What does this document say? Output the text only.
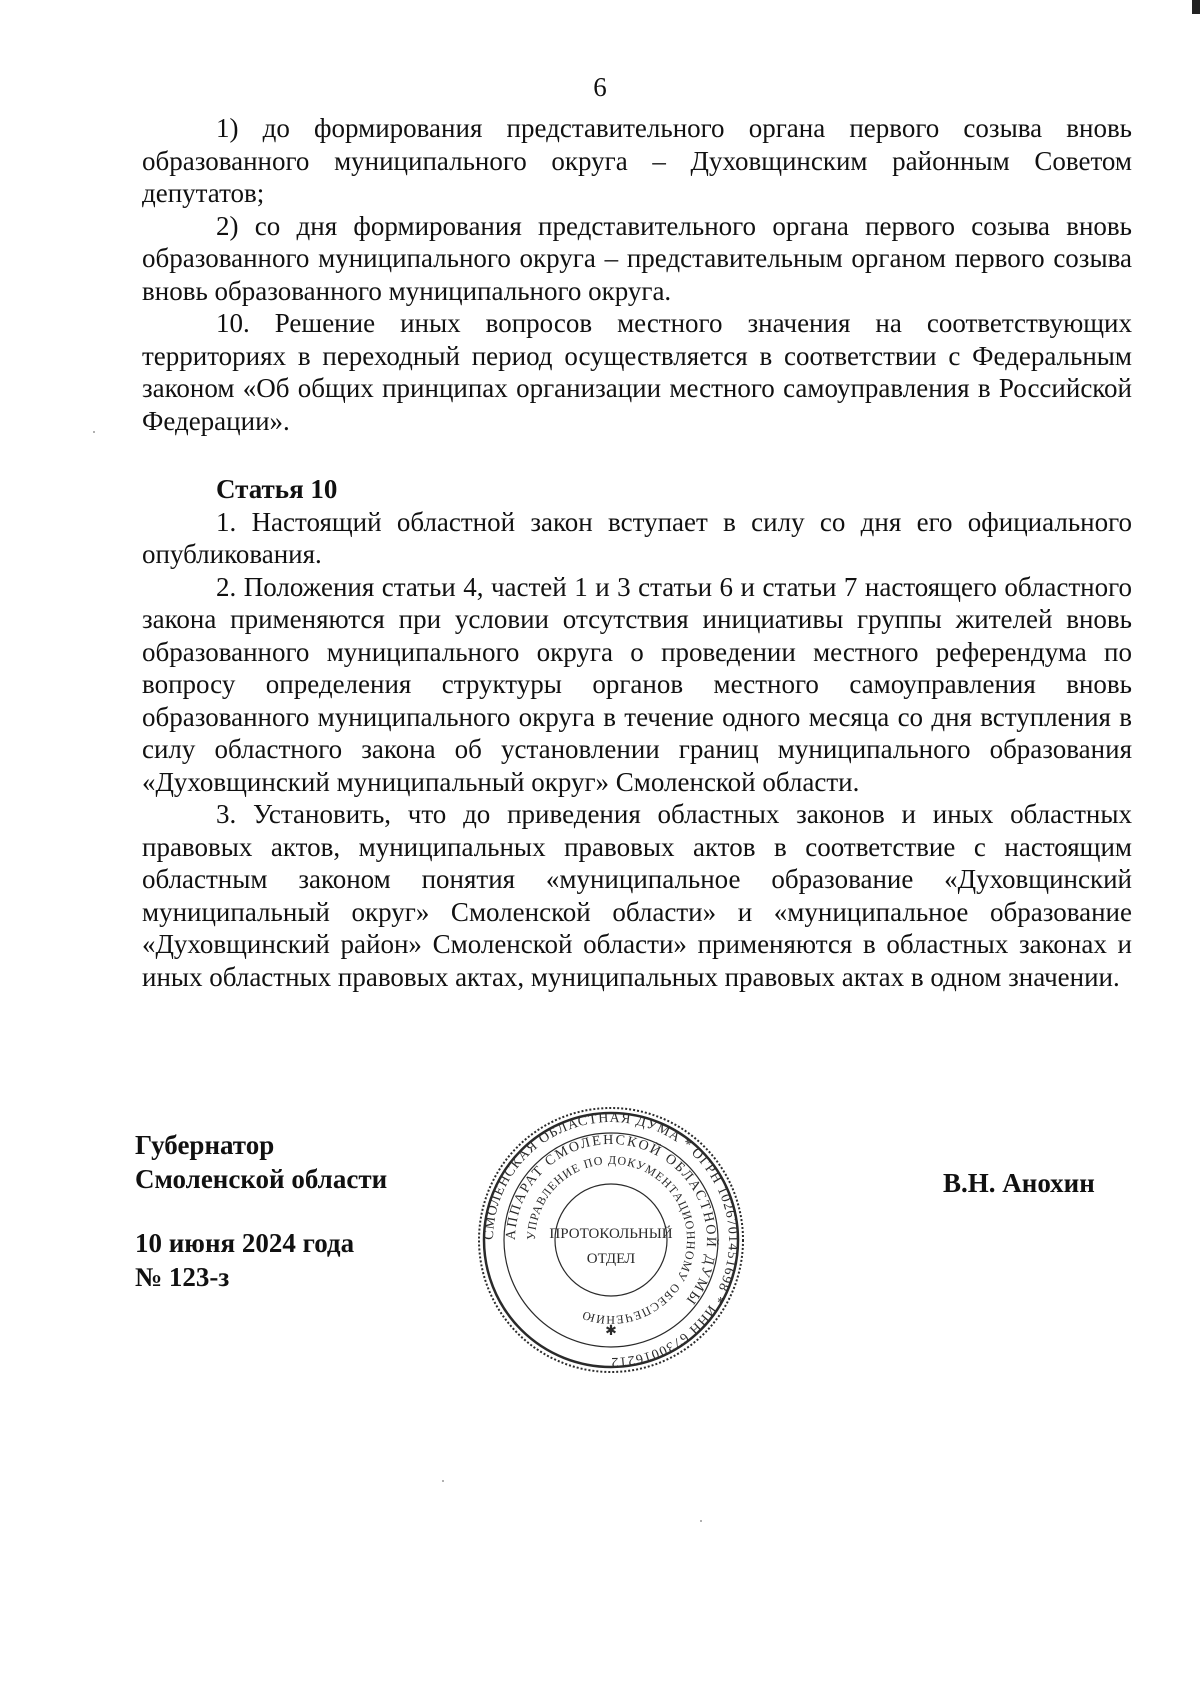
6

1) до формирования представительного органа первого созыва вновь образованного муниципального округа – Духовщинским районным Советом депутатов;

2) со дня формирования представительного органа первого созыва вновь образованного муниципального округа – представительным органом первого созыва вновь образованного муниципального округа.

10. Решение иных вопросов местного значения на соответствующих территориях в переходный период осуществляется в соответствии с Федеральным законом «Об общих принципах организации местного самоуправления в Российской Федерации».

Статья 10

1. Настоящий областной закон вступает в силу со дня его официального опубликования.

2. Положения статьи 4, частей 1 и 3 статьи 6 и статьи 7 настоящего областного закона применяются при условии отсутствия инициативы группы жителей вновь образованного муниципального округа о проведении местного референдума по вопросу определения структуры органов местного самоуправления вновь образованного муниципального округа в течение одного месяца со дня вступления в силу областного закона об установлении границ муниципального образования «Духовщинский муниципальный округ» Смоленской области.

3. Установить, что до приведения областных законов и иных областных правовых актов, муниципальных правовых актов в соответствие с настоящим областным законом понятия «муниципальное образование «Духовщинский муниципальный округ» Смоленской области» и «муниципальное образование «Духовщинский район» Смоленской области» применяются в областных законах и иных областных правовых актах, муниципальных правовых актах в одном значении.

Губернатор
Смоленской области
10 июня 2024 года
№ 123-з
В.Н. Анохин
СМОЛЕНСКАЯ ОБЛАСТНАЯ ДУМА * ОГРН 1026701451698 * ИНН 6730016212
АППАРАТ СМОЛЕНСКОЙ ОБЛАСТНОЙ ДУМЫ
УПРАВЛЕНИЕ ПО ДОКУМЕНТАЦИОННОМУ ОБЕСПЕЧЕНИЮ
ПРОТОКОЛЬНЫЙ
ОТДЕЛ
✱
